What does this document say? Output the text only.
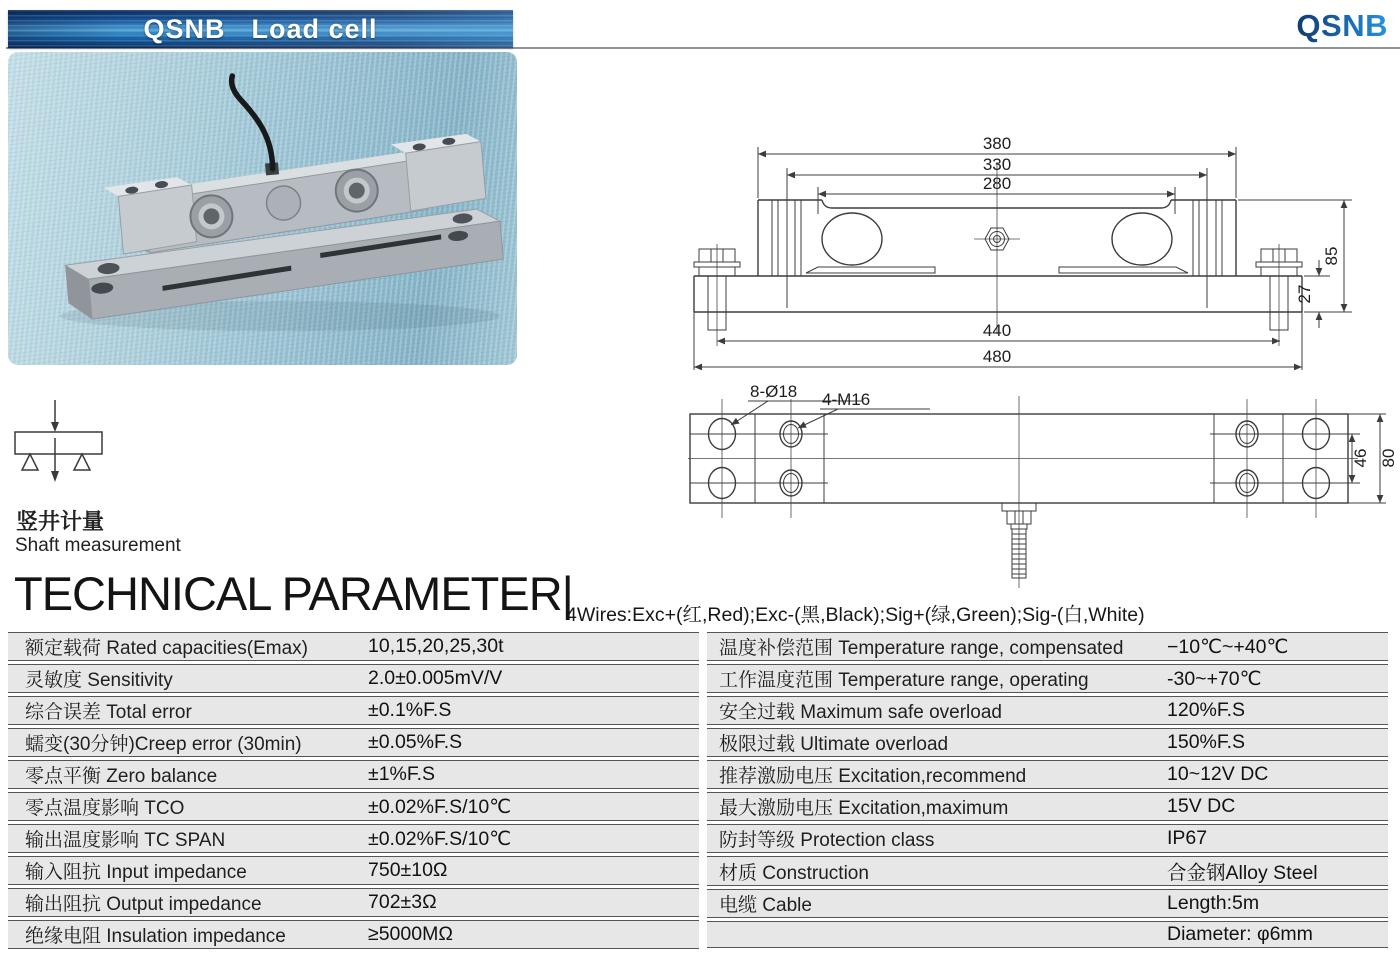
QSNB Load cell	QSNB
380
330
280
440
480
85
27
8-Ø18 4-M16
46 80
竖井计量
Shaft measurement
TECHNICAL PARAMETER|
4Wires:Exc+(红,Red);Exc-(黑,Black);Sig+(绿,Green);Sig-(白,White)
额定载荷 Rated capacities(Emax)	10,15,20,25,30t
灵敏度 Sensitivity	2.0±0.005mV/V
综合误差 Total error	±0.1%F.S
蠕变(30分钟)Creep error (30min)	±0.05%F.S
零点平衡 Zero balance	±1%F.S
零点温度影响 TCO	±0.02%F.S/10℃
输出温度影响 TC SPAN	±0.02%F.S/10℃
输入阻抗 Input impedance	750±10Ω
输出阻抗 Output impedance	702±3Ω
绝缘电阻 Insulation impedance	≥5000MΩ
温度补偿范围 Temperature range, compensated	−10℃~+40℃
工作温度范围 Temperature range, operating	-30~+70℃
安全过载 Maximum safe overload	120%F.S
极限过载 Ultimate overload	150%F.S
推荐激励电压 Excitation,recommend	10~12V DC
最大激励电压 Excitation,maximum	15V DC
防封等级 Protection class	IP67
材质 Construction	合金钢Alloy Steel
电缆 Cable	Length:5m
Diameter: φ6mm
